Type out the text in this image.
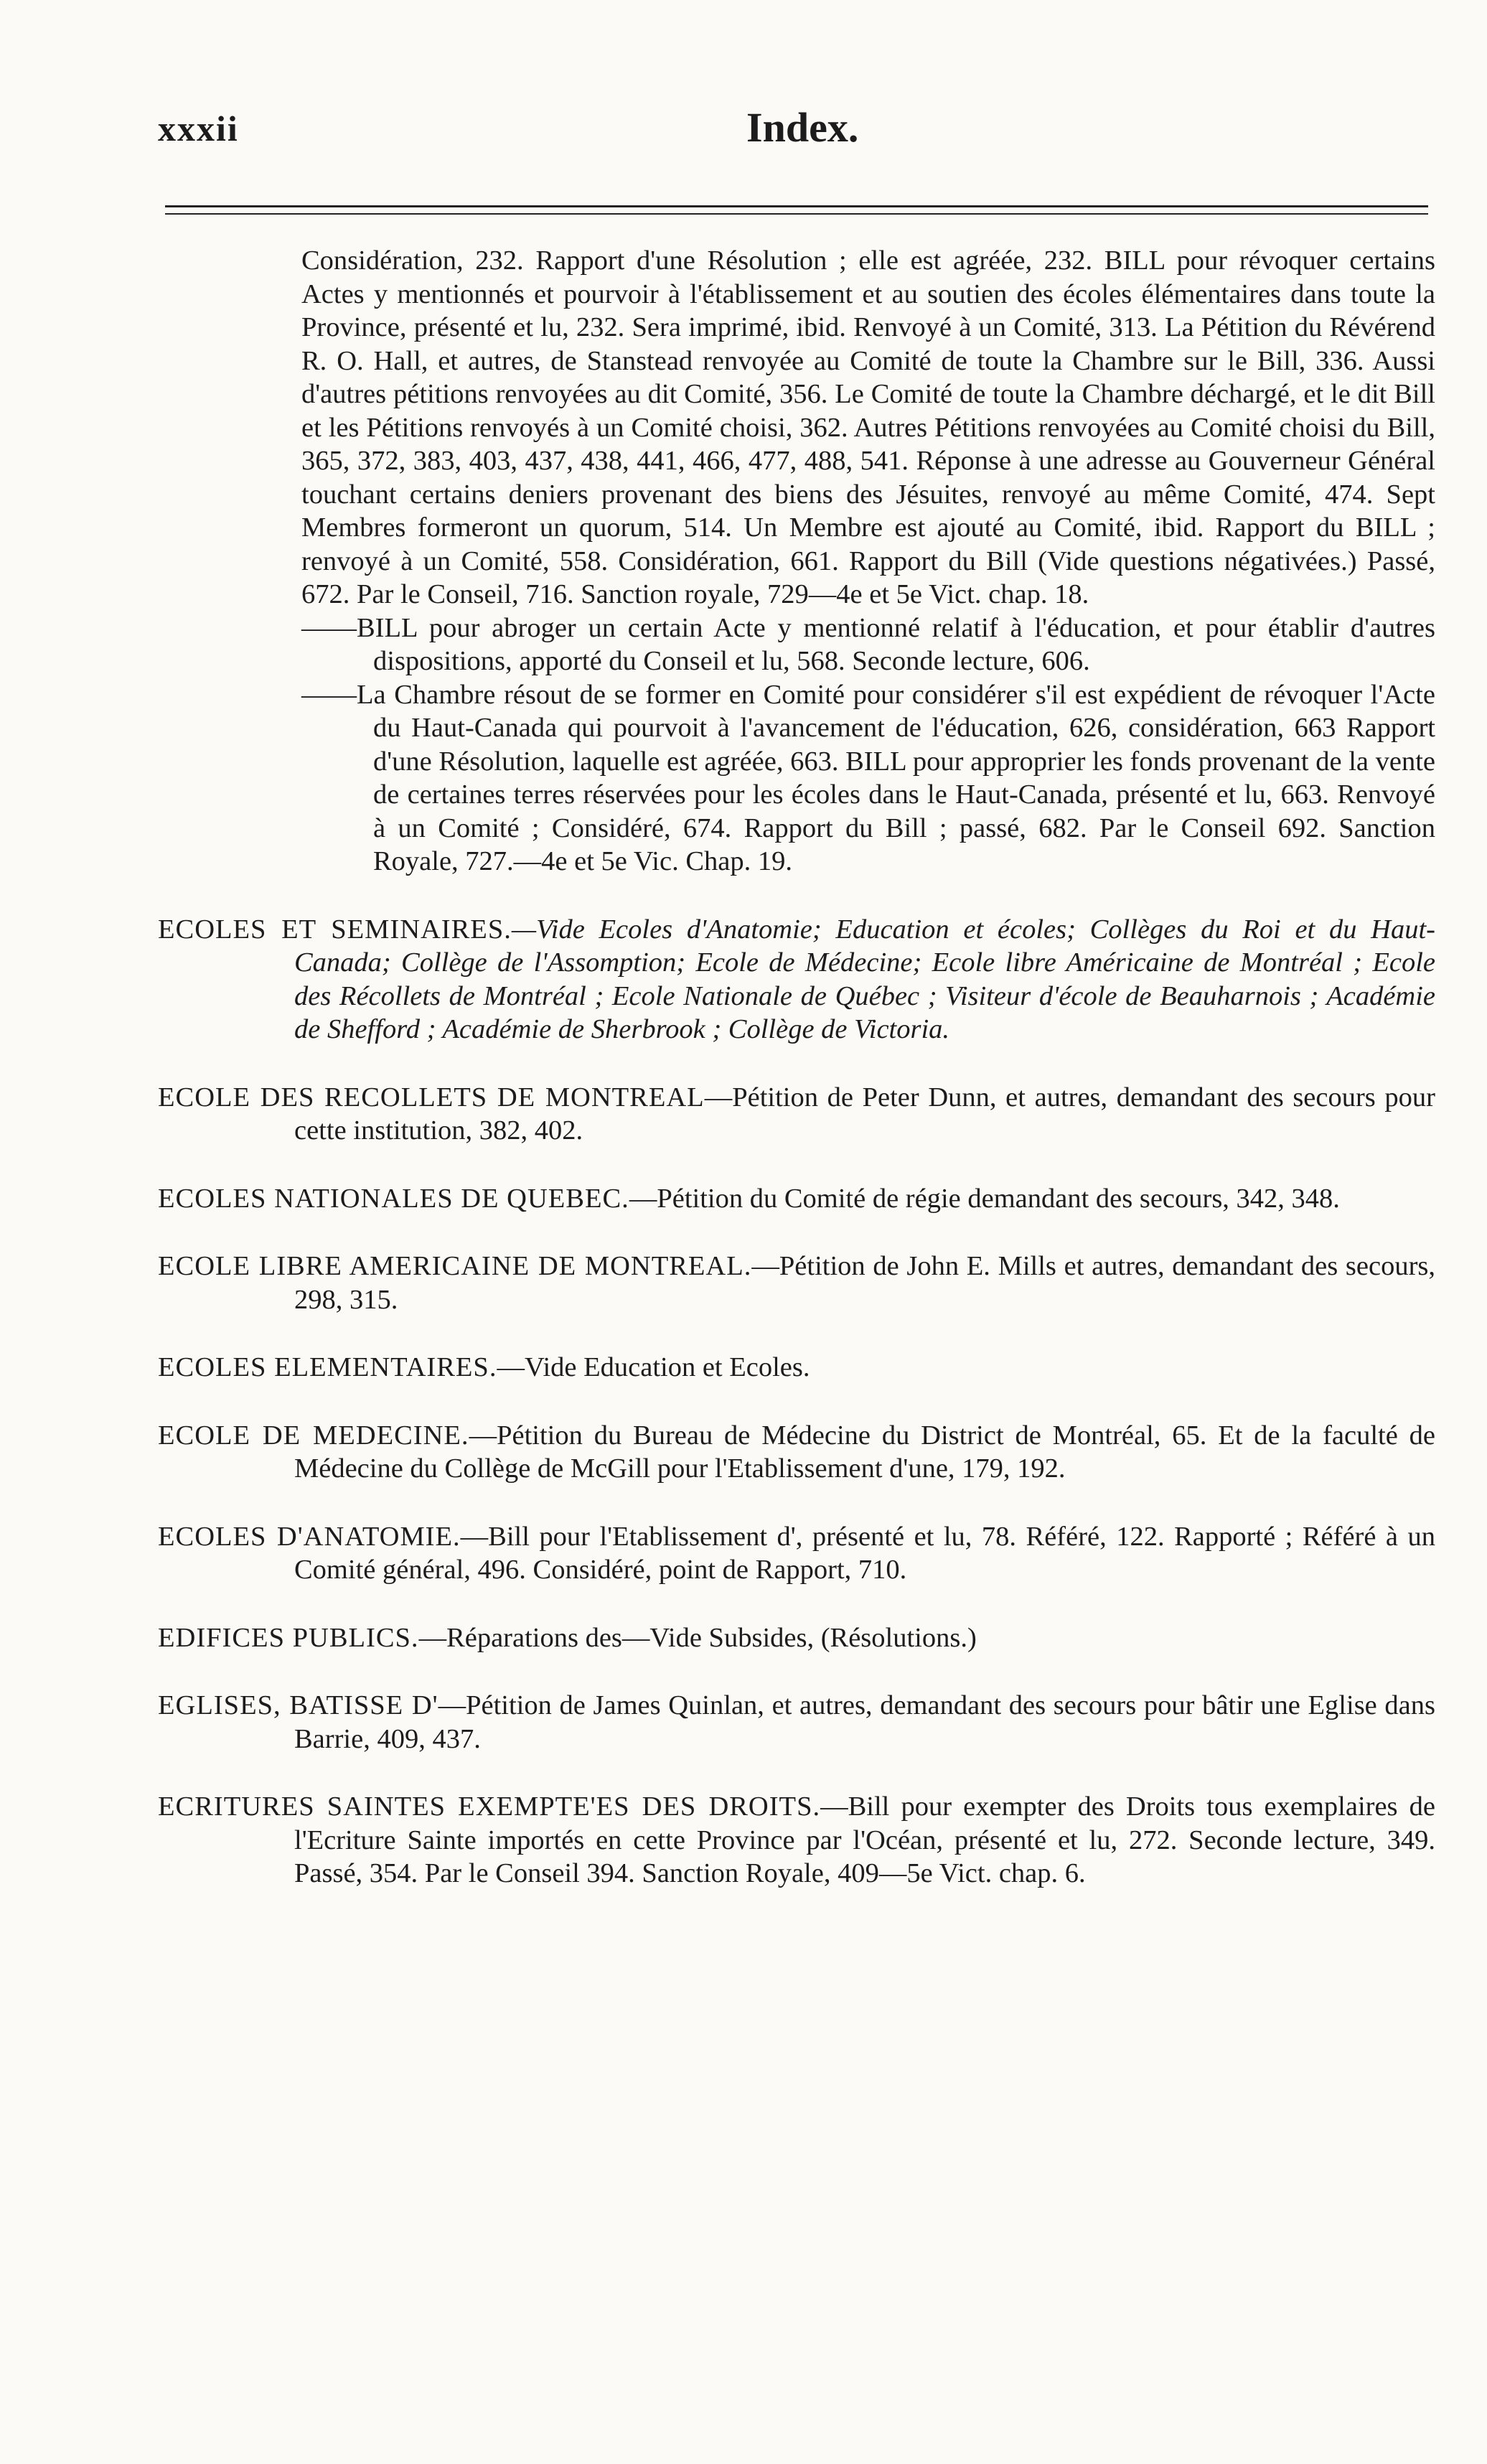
xxxii	Index.

Considération, 232. Rapport d'une Résolution ; elle est agréée, 232. BILL pour révoquer certains Actes y mentionnés et pourvoir à l'établissement et au soutien des écoles élémentaires dans toute la Province, présenté et lu, 232. Sera imprimé, ibid. Renvoyé à un Comité, 313. La Pétition du Révérend R. O. Hall, et autres, de Stanstead renvoyée au Comité de toute la Chambre sur le Bill, 336. Aussi d'autres pétitions renvoyées au dit Comité, 356. Le Comité de toute la Chambre déchargé, et le dit Bill et les Pétitions renvoyés à un Comité choisi, 362. Autres Pétitions renvoyées au Comité choisi du Bill, 365, 372, 383, 403, 437, 438, 441, 466, 477, 488, 541. Réponse à une adresse au Gouverneur Général touchant certains deniers provenant des biens des Jésuites, renvoyé au même Comité, 474. Sept Membres formeront un quorum, 514. Un Membre est ajouté au Comité, ibid. Rapport du BILL ; renvoyé à un Comité, 558. Considération, 661. Rapport du Bill (Vide questions négativées.) Passé, 672. Par le Conseil, 716. Sanction royale, 729—4e et 5e Vict. chap. 18.

——BILL pour abroger un certain Acte y mentionné relatif à l'éducation, et pour établir d'autres dispositions, apporté du Conseil et lu, 568. Seconde lecture, 606.

——La Chambre résout de se former en Comité pour considérer s'il est expédient de révoquer l'Acte du Haut-Canada qui pourvoit à l'avancement de l'éducation, 626, considération, 663 Rapport d'une Résolution, laquelle est agréée, 663. BILL pour approprier les fonds provenant de la vente de certaines terres réservées pour les écoles dans le Haut-Canada, présenté et lu, 663. Renvoyé à un Comité ; Considéré, 674. Rapport du Bill ; passé, 682. Par le Conseil 692. Sanction Royale, 727.—4e et 5e Vic. Chap. 19.

ECOLES ET SEMINAIRES.—Vide Ecoles d'Anatomie; Education et écoles; Collèges du Roi et du Haut-Canada; Collège de l'Assomption; Ecole de Médecine; Ecole libre Américaine de Montréal ; Ecole des Récollets de Montréal ; Ecole Nationale de Québec ; Visiteur d'école de Beauharnois ; Académie de Shefford ; Académie de Sherbrook ; Collège de Victoria.
ECOLE DES RECOLLETS DE MONTREAL—Pétition de Peter Dunn, et autres, demandant des secours pour cette institution, 382, 402.
ECOLES NATIONALES DE QUEBEC.—Pétition du Comité de régie demandant des secours, 342, 348.
ECOLE LIBRE AMERICAINE DE MONTREAL.—Pétition de John E. Mills et autres, demandant des secours, 298, 315.
ECOLES ELEMENTAIRES.—Vide Education et Ecoles.
ECOLE DE MEDECINE.—Pétition du Bureau de Médecine du District de Montréal, 65. Et de la faculté de Médecine du Collège de McGill pour l'Etablissement d'une, 179, 192.
ECOLES D'ANATOMIE.—Bill pour l'Etablissement d', présenté et lu, 78. Référé, 122. Rapporté ; Référé à un Comité général, 496. Considéré, point de Rapport, 710.
EDIFICES PUBLICS.—Réparations des—Vide Subsides, (Résolutions.)
EGLISES, BATISSE D'—Pétition de James Quinlan, et autres, demandant des secours pour bâtir une Eglise dans Barrie, 409, 437.
ECRITURES SAINTES EXEMPTE'ES DES DROITS.—Bill pour exempter des Droits tous exemplaires de l'Ecriture Sainte importés en cette Province par l'Océan, présenté et lu, 272. Seconde lecture, 349. Passé, 354. Par le Conseil 394. Sanction Royale, 409—5e Vict. chap. 6.
